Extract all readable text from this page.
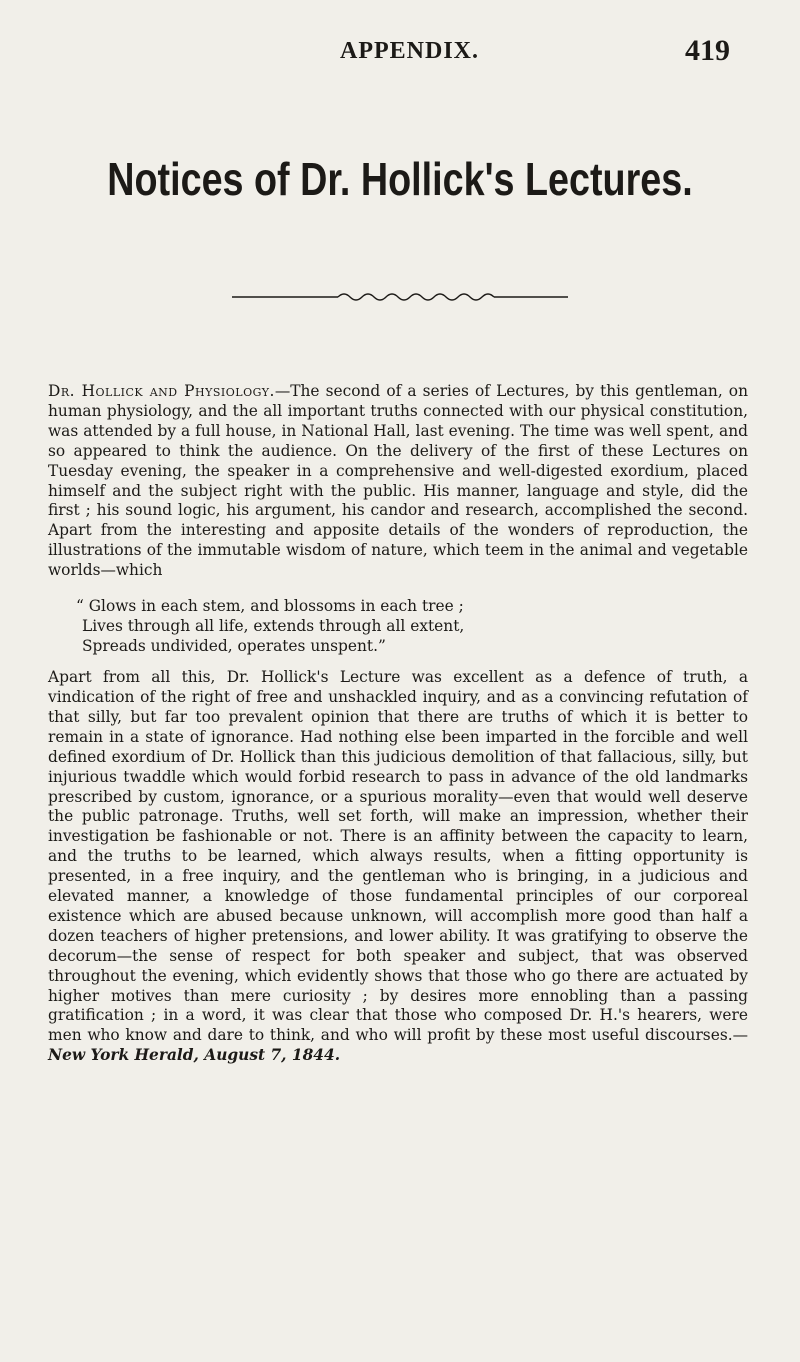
APPENDIX.	419
Notices of Dr. Hollick's Lectures.

Dr. Hollick and Physiology.—The second of a series of Lectures, by this gentleman, on human physiology, and the all important truths connected with our physical constitution, was attended by a full house, in National Hall, last evening. The time was well spent, and so appeared to think the audience. On the delivery of the first of these Lectures on Tuesday evening, the speaker in a comprehensive and well-digested exordium, placed himself and the subject right with the public. His manner, language and style, did the first ; his sound logic, his argument, his candor and research, accomplished the second. Apart from the interesting and apposite details of the wonders of reproduction, the illustrations of the immutable wisdom of nature, which teem in the animal and vegetable worlds—which

“ Glows in each stem, and blossoms in each tree ;
Lives through all life, extends through all extent,
Spreads undivided, operates unspent.”

Apart from all this, Dr. Hollick's Lecture was excellent as a defence of truth, a vindication of the right of free and unshackled inquiry, and as a convincing refutation of that silly, but far too prevalent opinion that there are truths of which it is better to remain in a state of ignorance. Had nothing else been imparted in the forcible and well defined exordium of Dr. Hollick than this judicious demolition of that fallacious, silly, but injurious twaddle which would forbid research to pass in advance of the old landmarks prescribed by custom, ignorance, or a spurious morality—even that would well deserve the public patronage. Truths, well set forth, will make an impression, whether their investigation be fashionable or not. There is an affinity between the capacity to learn, and the truths to be learned, which always results, when a fitting opportunity is presented, in a free inquiry, and the gentleman who is bringing, in a judicious and elevated manner, a knowledge of those fundamental principles of our corporeal existence which are abused because unknown, will accomplish more good than half a dozen teachers of higher pretensions, and lower ability. It was gratifying to observe the decorum—the sense of respect for both speaker and subject, that was observed throughout the evening, which evidently shows that those who go there are actuated by higher motives than mere curiosity ; by desires more ennobling than a passing gratification ; in a word, it was clear that those who composed Dr. H.'s hearers, were men who know and dare to think, and who will profit by these most useful discourses.—New York Herald, August 7, 1844.
